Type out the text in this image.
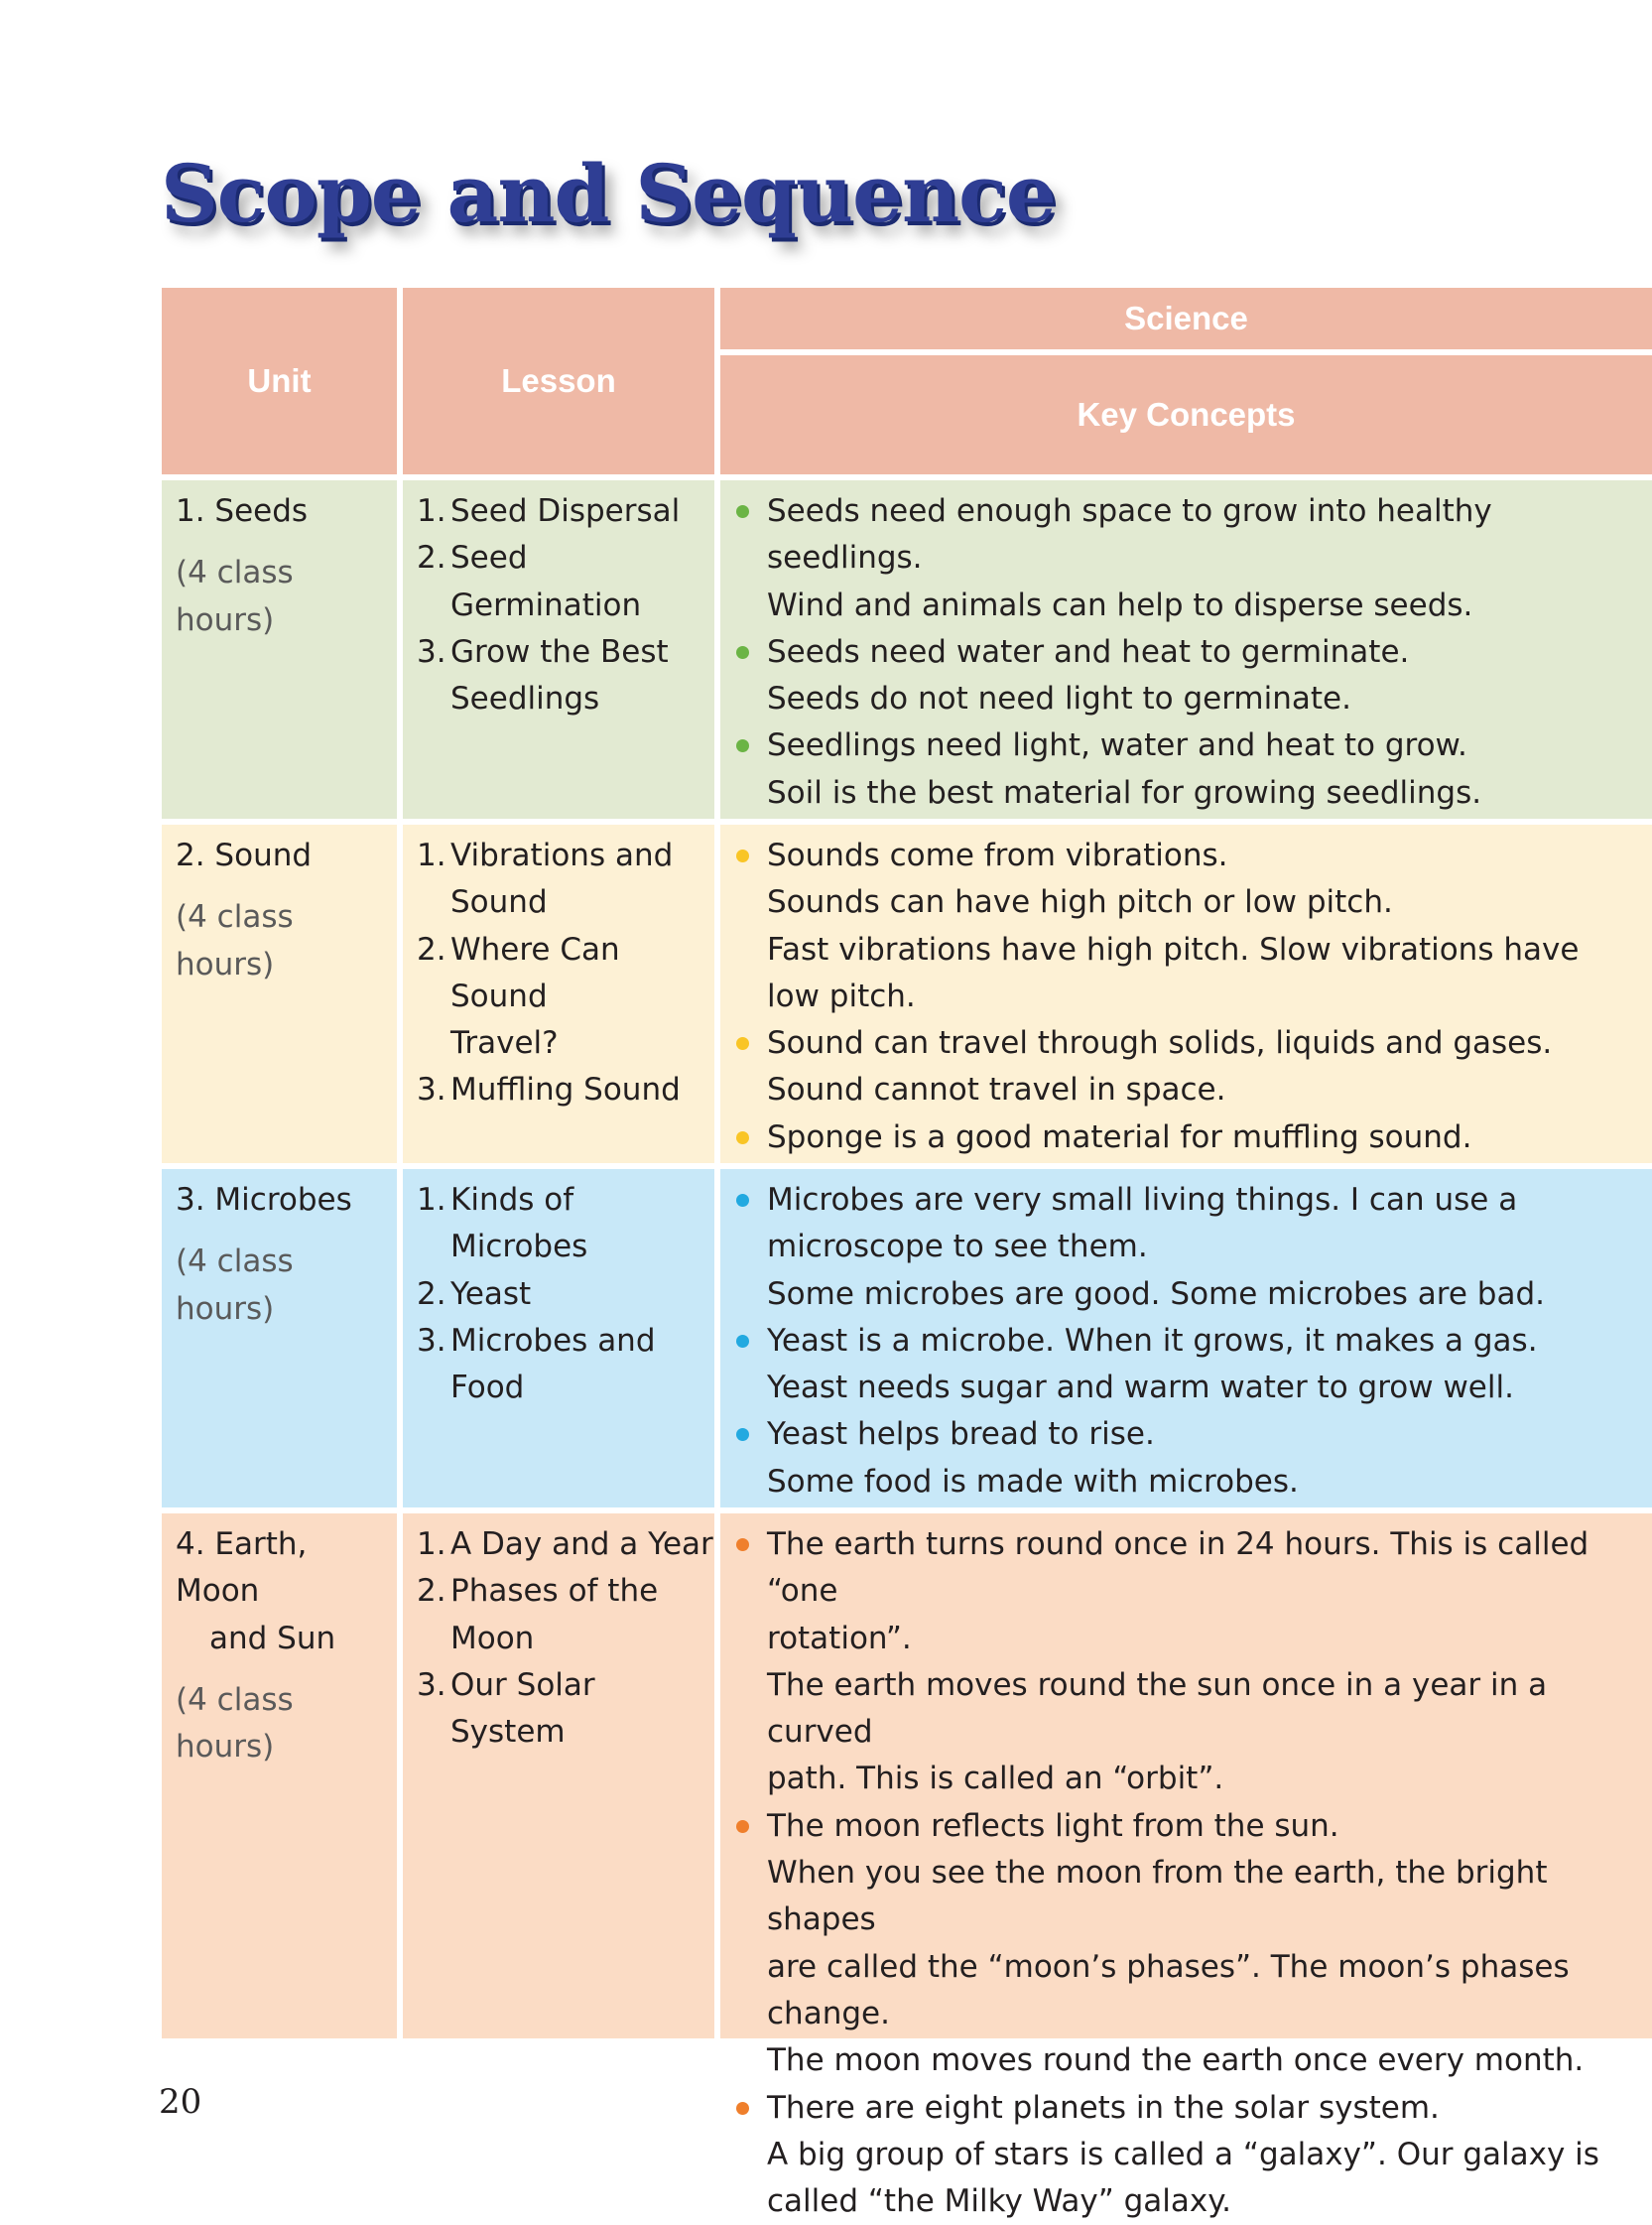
Scope and Sequence
Unit	Lesson
Science
Key Concepts
1. Seeds
(4 class hours)
1. Seed Dispersal
2. Seed Germination
3. Grow the Best
Seedlings

Seeds need enough space to grow into healthy

seedlings.

Wind and animals can help to disperse seeds.

Seeds need water and heat to germinate.

Seeds do not need light to germinate.

Seedlings need light, water and heat to grow.

Soil is the best material for growing seedlings.

2. Sound
(4 class hours)
1. Vibrations and
Sound
2. Where Can Sound
Travel?
3. Muffling Sound

Sounds come from vibrations.

Sounds can have high pitch or low pitch.

Fast vibrations have high pitch. Slow vibrations have

low pitch.

Sound can travel through solids, liquids and gases.

Sound cannot travel in space.

Sponge is a good material for muffling sound.

3. Microbes
(4 class hours)
1. Kinds of Microbes
2. Yeast
3. Microbes and
Food

Microbes are very small living things. I can use a

microscope to see them.

Some microbes are good. Some microbes are bad.

Yeast is a microbe. When it grows, it makes a gas.

Yeast needs sugar and warm water to grow well.

Yeast helps bread to rise.

Some food is made with microbes.

4. Earth, Moon
and Sun
(4 class hours)
1. A Day and a Year
2. Phases of the
Moon
3. Our Solar System

The earth turns round once in 24 hours. This is called “one

rotation”.

The earth moves round the sun once in a year in a curved

path. This is called an “orbit”.

The moon reflects light from the sun.

When you see the moon from the earth, the bright shapes

are called the “moon’s phases”. The moon’s phases change.

The moon moves round the earth once every month.

There are eight planets in the solar system.

A big group of stars is called a “galaxy”. Our galaxy is

called “the Milky Way” galaxy.

20
